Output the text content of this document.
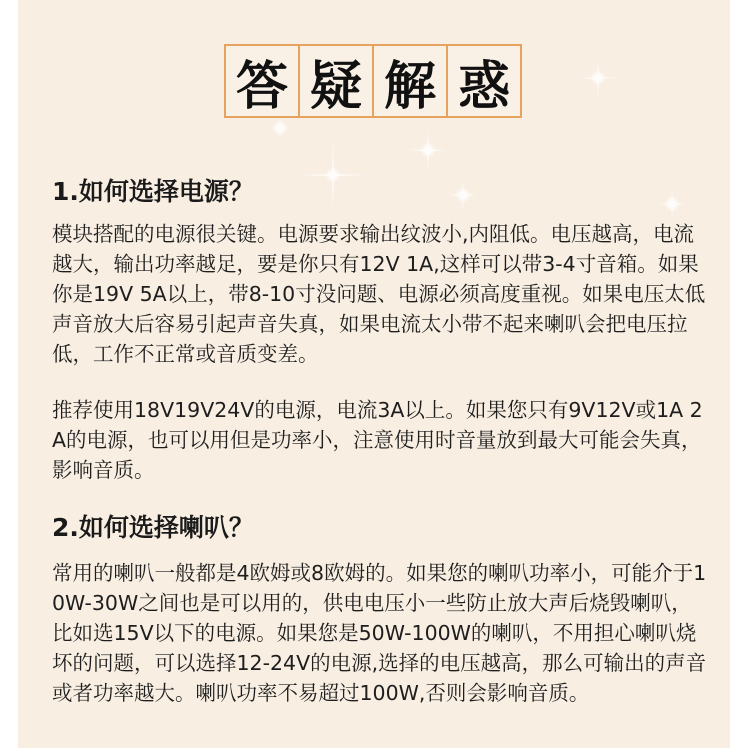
答 疑 解 惑
1.如何选择电源？

模块搭配的电源很关键。电源要求输出纹波小,内阻低。电压越高，电流越大，输出功率越足，要是你只有12V 1A,这样可以带3-4寸音箱。如果你是19V 5A以上，带8-10寸没问题、电源必须高度重视。如果电压太低声音放大后容易引起声音失真，如果电流太小带不起来喇叭会把电压拉低，工作不正常或音质变差。

推荐使用18V19V24V的电源，电流3A以上。如果您只有9V12V或1A 2A的电源，也可以用但是功率小，注意使用时音量放到最大可能会失真，影响音质。

2.如何选择喇叭？

常用的喇叭一般都是4欧姆或8欧姆的。如果您的喇叭功率小，可能介于10W-30W之间也是可以用的，供电电压小一些防止放大声后烧毁喇叭，比如选15V以下的电源。如果您是50W-100W的喇叭，不用担心喇叭烧坏的问题，可以选择12-24V的电源,选择的电压越高，那么可输出的声音或者功率越大。喇叭功率不易超过100W,否则会影响音质。
